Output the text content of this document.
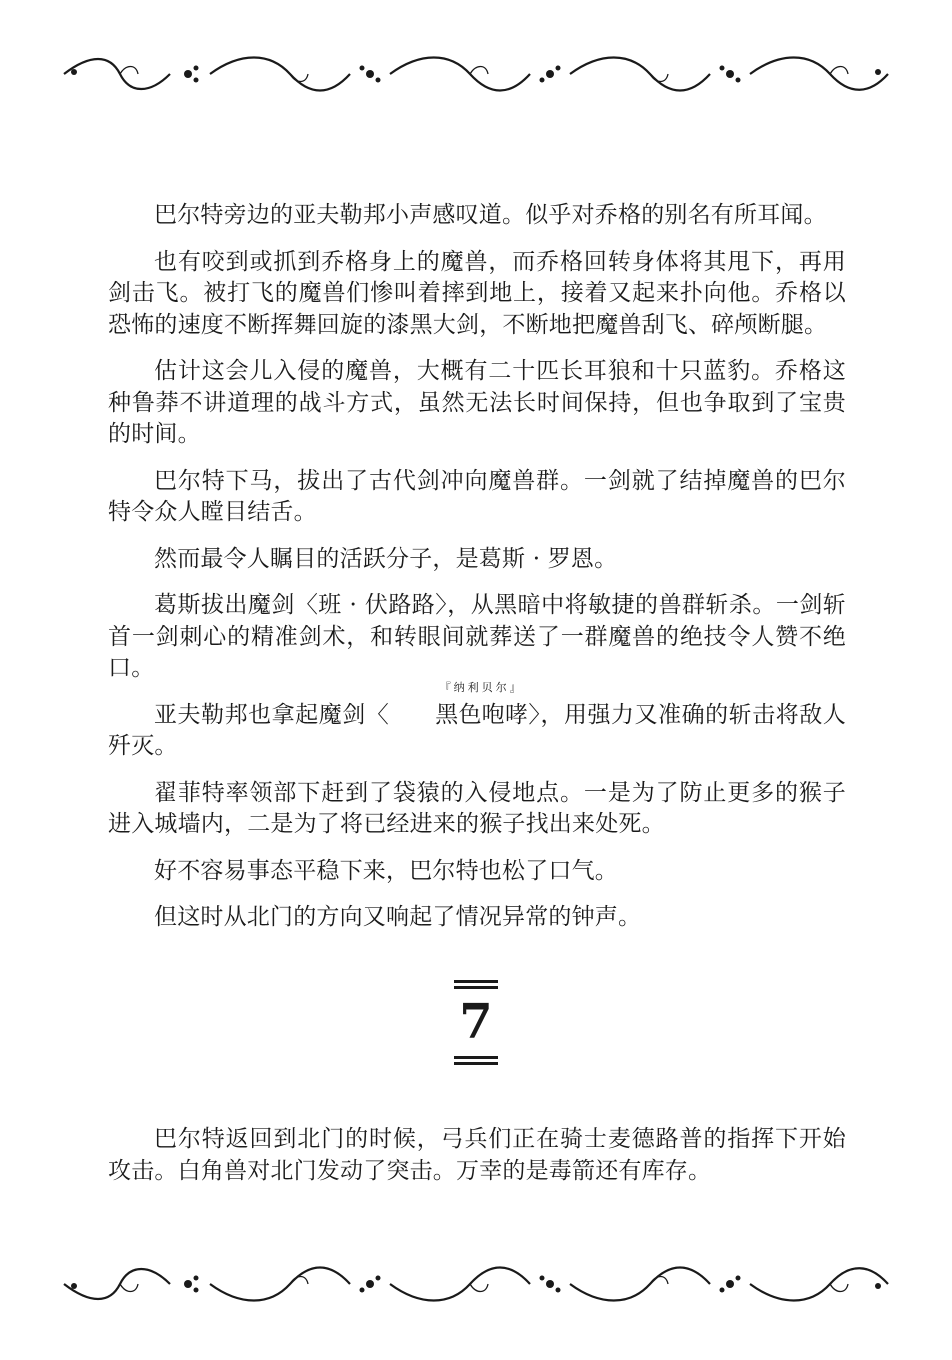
巴尔特旁边的亚夫勒邦小声感叹道。似乎对乔格的别名有所耳闻。

也有咬到或抓到乔格身上的魔兽，而乔格回转身体将其甩下，再用剑击飞。被打飞的魔兽们惨叫着摔到地上，接着又起来扑向他。乔格以恐怖的速度不断挥舞回旋的漆黑大剑，不断地把魔兽刮飞、碎颅断腿。

估计这会儿入侵的魔兽，大概有二十匹长耳狼和十只蓝豹。乔格这种鲁莽不讲道理的战斗方式，虽然无法长时间保持，但也争取到了宝贵的时间。

巴尔特下马，拔出了古代剑冲向魔兽群。一剑就了结掉魔兽的巴尔特令众人瞠目结舌。

然而最令人瞩目的活跃分子，是葛斯 · 罗恩。

葛斯拔出魔剑〈班 · 伏路路〉，从黑暗中将敏捷的兽群斩杀。一剑斩首一剑刺心的精准剑术，和转眼间就葬送了一群魔兽的绝技令人赞不绝口。

亚夫勒邦也拿起魔剑〈
『纳利贝尔』
黑色咆哮〉，用强力又准确的斩击将敌人歼灭。

翟菲特率领部下赶到了袋猿的入侵地点。一是为了防止更多的猴子进入城墙内，二是为了将已经进来的猴子找出来处死。

好不容易事态平稳下来，巴尔特也松了口气。

但这时从北门的方向又响起了情况异常的钟声。

7

巴尔特返回到北门的时候，弓兵们正在骑士麦德路普的指挥下开始攻击。白角兽对北门发动了突击。万幸的是毒箭还有库存。
